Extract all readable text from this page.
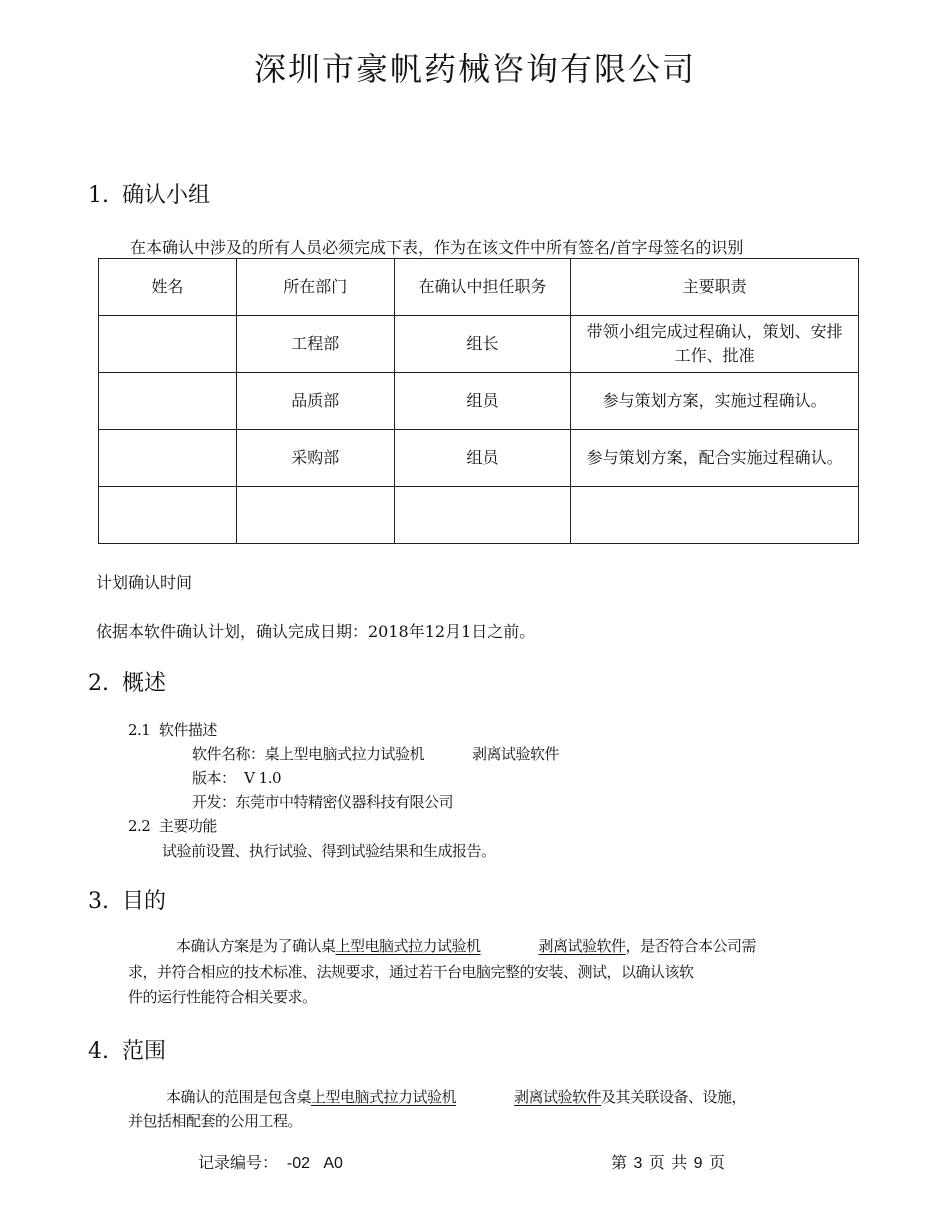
深圳市豪帆药械咨询有限公司
1. 确认小组
在本确认中涉及的所有人员必须完成下表，作为在该文件中所有签名/首字母签名的识别
姓名	所在部门	在确认中担任职务	主要职责
	工程部	组长	带领小组完成过程确认，策划、安排工作、批准
	品质部	组员	参与策划方案，实施过程确认。
	采购部	组员	参与策划方案，配合实施过程确认。

计划确认时间
依据本软件确认计划，确认完成日期：2018年12月1日之前。
2. 概述
2.1 软件描述
软件名称：桌上型电脑式拉力试验机	剥离试验软件
版本： V 1.0
开发：东莞市中特精密仪器科技有限公司
2.2 主要功能
试验前设置、执行试验、得到试验结果和生成报告。
3. 目的
本确认方案是为了确认桌上型电脑式拉力试验机	剥离试验软件，是否符合本公司需
求，并符合相应的技术标准、法规要求，通过若干台电脑完整的安装、测试，以确认该软
件的运行性能符合相关要求。
4. 范围
本确认的范围是包含桌上型电脑式拉力试验机	剥离试验软件及其关联设备、设施，
并包括相配套的公用工程。
记录编号： -02   A0	第 3 页 共 9 页
